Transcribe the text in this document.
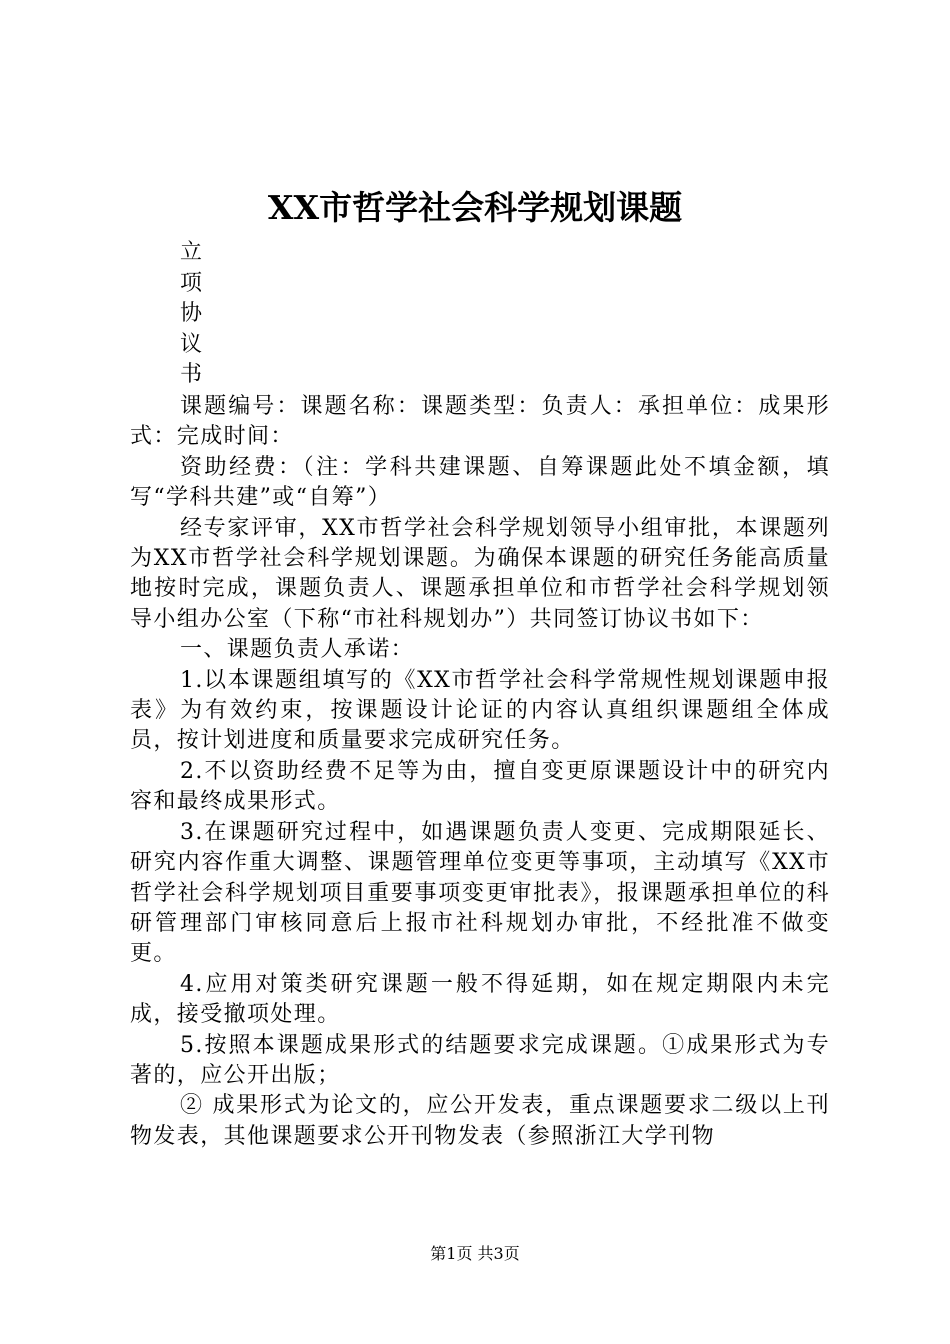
XX市哲学社会科学规划课题
立
项
协
议
书

课题编号：课题名称：课题类型：负责人：承担单位：成果形式：完成时间：

资助经费：（注：学科共建课题、自筹课题此处不填金额，填写“学科共建”或“自筹”）

经专家评审，XX市哲学社会科学规划领导小组审批，本课题列为XX市哲学社会科学规划课题。为确保本课题的研究任务能高质量地按时完成，课题负责人、课题承担单位和市哲学社会科学规划领导小组办公室（下称“市社科规划办”）共同签订协议书如下：

一、课题负责人承诺：

1.以本课题组填写的《XX市哲学社会科学常规性规划课题申报表》为有效约束，按课题设计论证的内容认真组织课题组全体成员，按计划进度和质量要求完成研究任务。

2.不以资助经费不足等为由，擅自变更原课题设计中的研究内容和最终成果形式。

3.在课题研究过程中，如遇课题负责人变更、完成期限延长、研究内容作重大调整、课题管理单位变更等事项，主动填写《XX市哲学社会科学规划项目重要事项变更审批表》，报课题承担单位的科研管理部门审核同意后上报市社科规划办审批，不经批准不做变更。

4.应用对策类研究课题一般不得延期，如在规定期限内未完成，接受撤项处理。

5.按照本课题成果形式的结题要求完成课题。①成果形式为专著的，应公开出版；

② 成果形式为论文的，应公开发表，重点课题要求二级以上刊物发表，其他课题要求公开刊物发表（参照浙江大学刊物

第1页 共3页
